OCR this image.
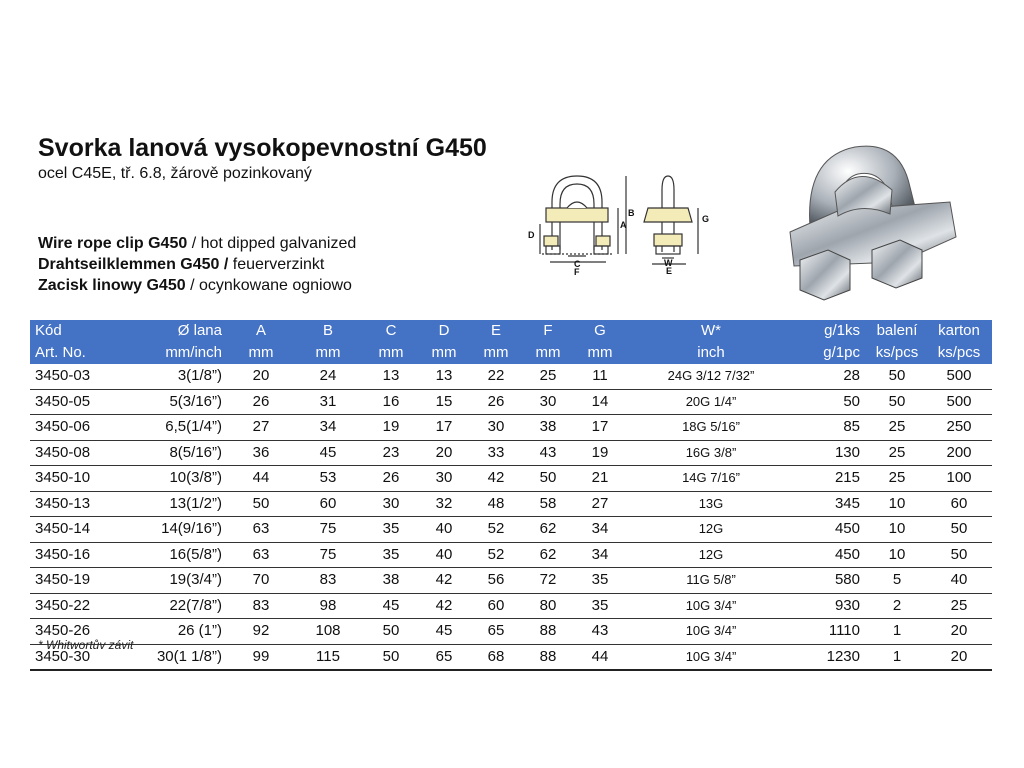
Svorka lanová vysokopevnostní G450
ocel C45E, tř. 6.8, žárově pozinkovaný
Wire rope clip G450 / hot dipped galvanized
Drahtseilklemmen G450 / feuerverzinkt
Zacisk linowy G450 / ocynkowane ogniowo
A
B
C
D
E
F
G
W
Kód	Ø lana	A	B	C	D	E	F	G	W*	g/1ks	balení	karton
Art. No.	mm/inch	mm	mm	mm	mm	mm	mm	mm	inch	g/1pc	ks/pcs	ks/pcs
3450-03	3(1/8”)	20	24	13	13	22	25	11	24G 3/12 7/32”	28	50	500
3450-05	5(3/16”)	26	31	16	15	26	30	14	20G 1/4”	50	50	500
3450-06	6,5(1/4”)	27	34	19	17	30	38	17	18G 5/16”	85	25	250
3450-08	8(5/16”)	36	45	23	20	33	43	19	16G 3/8”	130	25	200
3450-10	10(3/8”)	44	53	26	30	42	50	21	14G 7/16”	215	25	100
3450-13	13(1/2”)	50	60	30	32	48	58	27	13G	345	10	60
3450-14	14(9/16”)	63	75	35	40	52	62	34	12G	450	10	50
3450-16	16(5/8”)	63	75	35	40	52	62	34	12G	450	10	50
3450-19	19(3/4”)	70	83	38	42	56	72	35	11G 5/8”	580	5	40
3450-22	22(7/8”)	83	98	45	42	60	80	35	10G 3/4”	930	2	25
3450-26	26 (1”)	92	108	50	45	65	88	43	10G 3/4”	1110	1	20
3450-30	30(1 1/8”)	99	115	50	65	68	88	44	10G 3/4”	1230	1	20
* Whitwortův závit
